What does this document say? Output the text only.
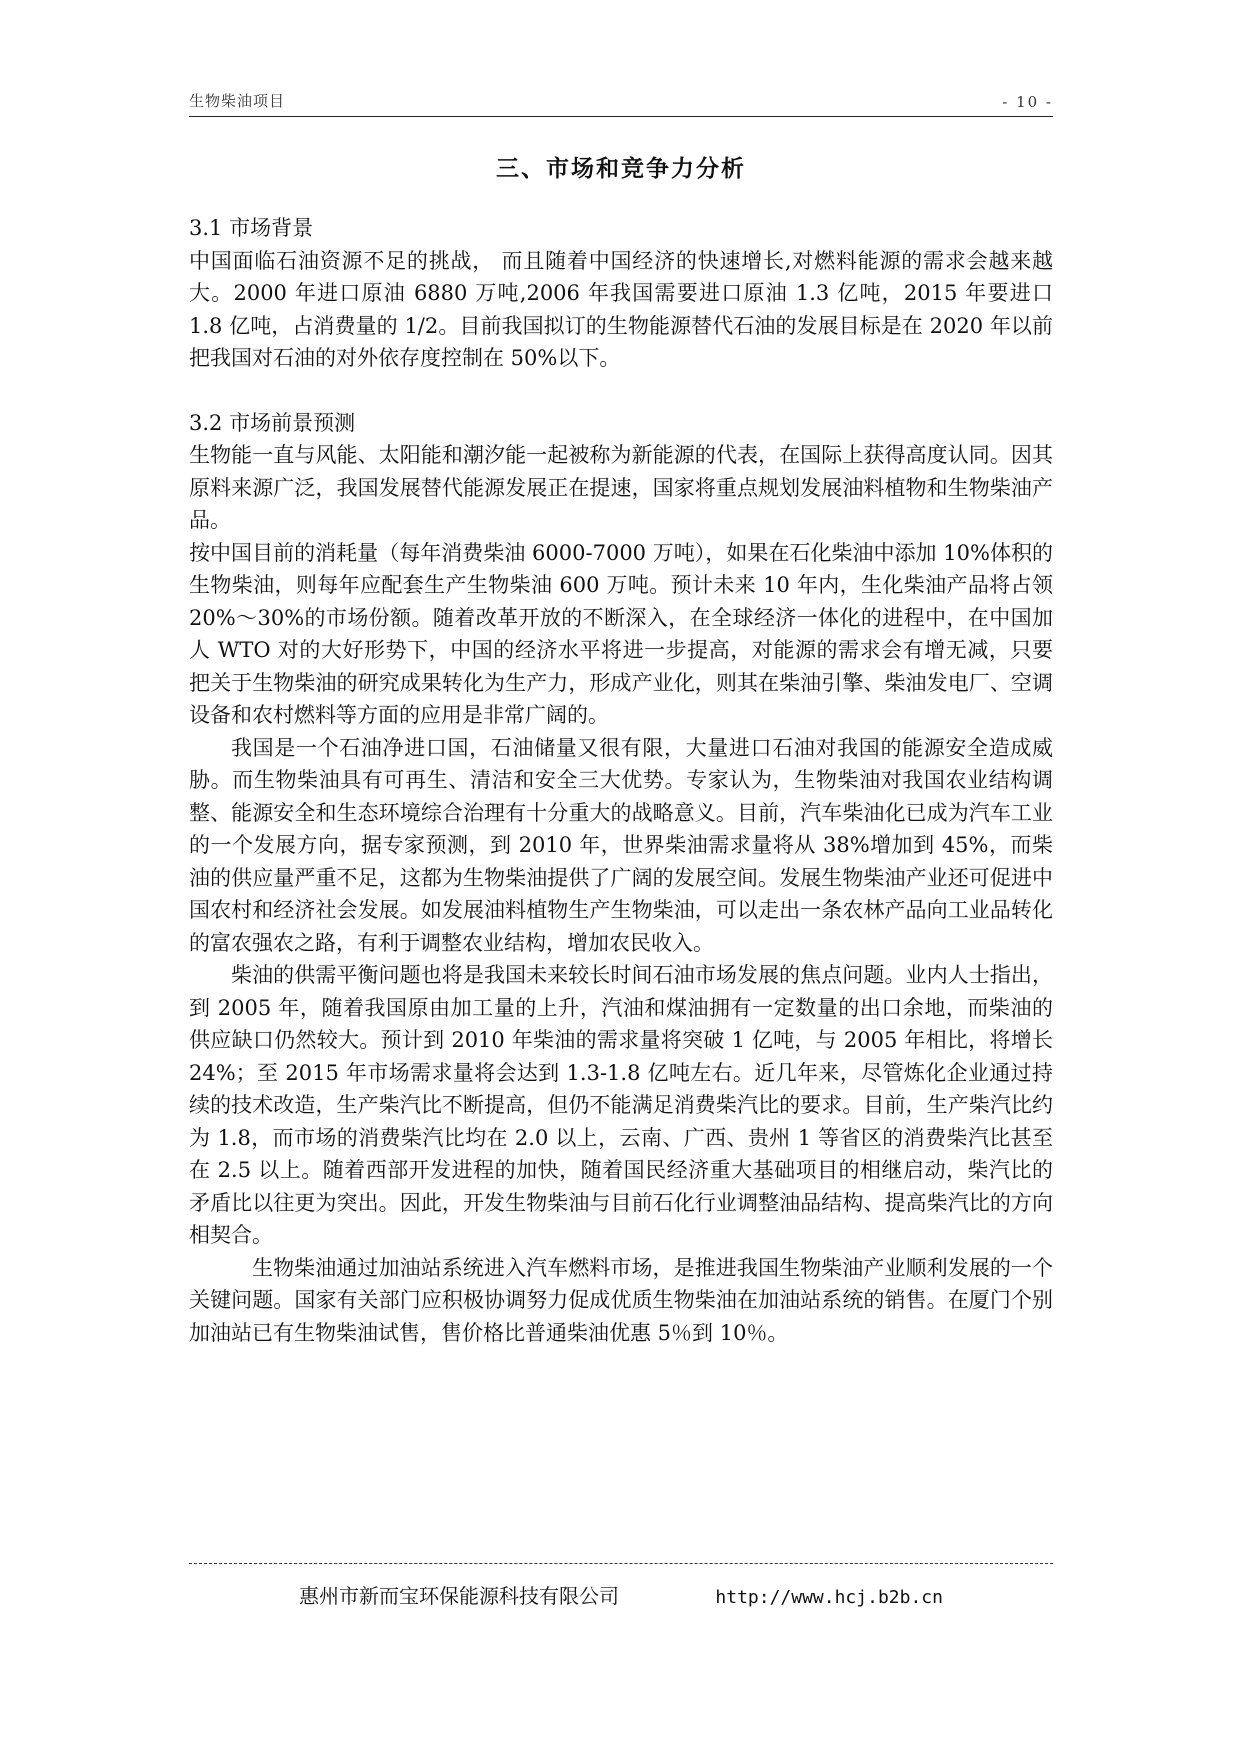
生物柴油项目	- 10 -
三、市场和竞争力分析

3.1 市场背景

中国面临石油资源不足的挑战， 而且随着中国经济的快速增长,对燃料能源的需求会越来越大。2000 年进口原油 6880 万吨,2006 年我国需要进口原油 1.3 亿吨，2015 年要进口 1.8 亿吨，占消费量的 1/2。目前我国拟订的生物能源替代石油的发展目标是在 2020 年以前把我国对石油的对外依存度控制在 50%以下。

3.2 市场前景预测

生物能一直与风能、太阳能和潮汐能一起被称为新能源的代表，在国际上获得高度认同。因其原料来源广泛，我国发展替代能源发展正在提速，国家将重点规划发展油料植物和生物柴油产品。

按中国目前的消耗量（每年消费柴油 6000-7000 万吨），如果在石化柴油中添加 10%体积的生物柴油，则每年应配套生产生物柴油 600 万吨。预计未来 10 年内，生化柴油产品将占领 20%～30%的市场份额。随着改革开放的不断深入，在全球经济一体化的进程中，在中国加人 WTO 对的大好形势下，中国的经济水平将进一步提高，对能源的需求会有增无减，只要把关于生物柴油的研究成果转化为生产力，形成产业化，则其在柴油引擎、柴油发电厂、空调设备和农村燃料等方面的应用是非常广阔的。

我国是一个石油净进口国，石油储量又很有限，大量进口石油对我国的能源安全造成威胁。而生物柴油具有可再生、清洁和安全三大优势。专家认为，生物柴油对我国农业结构调整、能源安全和生态环境综合治理有十分重大的战略意义。目前，汽车柴油化已成为汽车工业的一个发展方向，据专家预测，到 2010 年，世界柴油需求量将从 38%增加到 45%，而柴油的供应量严重不足，这都为生物柴油提供了广阔的发展空间。发展生物柴油产业还可促进中国农村和经济社会发展。如发展油料植物生产生物柴油，可以走出一条农林产品向工业品转化的富农强农之路，有利于调整农业结构，增加农民收入。

柴油的供需平衡问题也将是我国未来较长时间石油市场发展的焦点问题。业内人士指出，到 2005 年，随着我国原由加工量的上升，汽油和煤油拥有一定数量的出口余地，而柴油的供应缺口仍然较大。预计到 2010 年柴油的需求量将突破 1 亿吨，与 2005 年相比，将增长 24%；至 2015 年市场需求量将会达到 1.3-1.8 亿吨左右。近几年来，尽管炼化企业通过持续的技术改造，生产柴汽比不断提高，但仍不能满足消费柴汽比的要求。目前，生产柴汽比约为 1.8，而市场的消费柴汽比均在 2.0 以上，云南、广西、贵州 1 等省区的消费柴汽比甚至在 2.5 以上。随着西部开发进程的加快，随着国民经济重大基础项目的相继启动，柴汽比的矛盾比以往更为突出。因此，开发生物柴油与目前石化行业调整油品结构、提高柴汽比的方向相契合。

生物柴油通过加油站系统进入汽车燃料市场，是推进我国生物柴油产业顺利发展的一个关键问题。国家有关部门应积极协调努力促成优质生物柴油在加油站系统的销售。在厦门个别加油站已有生物柴油试售，售价格比普通柴油优惠 5％到 10％。

惠州市新而宝环保能源科技有限公司	http://www.hcj.b2b.cn
